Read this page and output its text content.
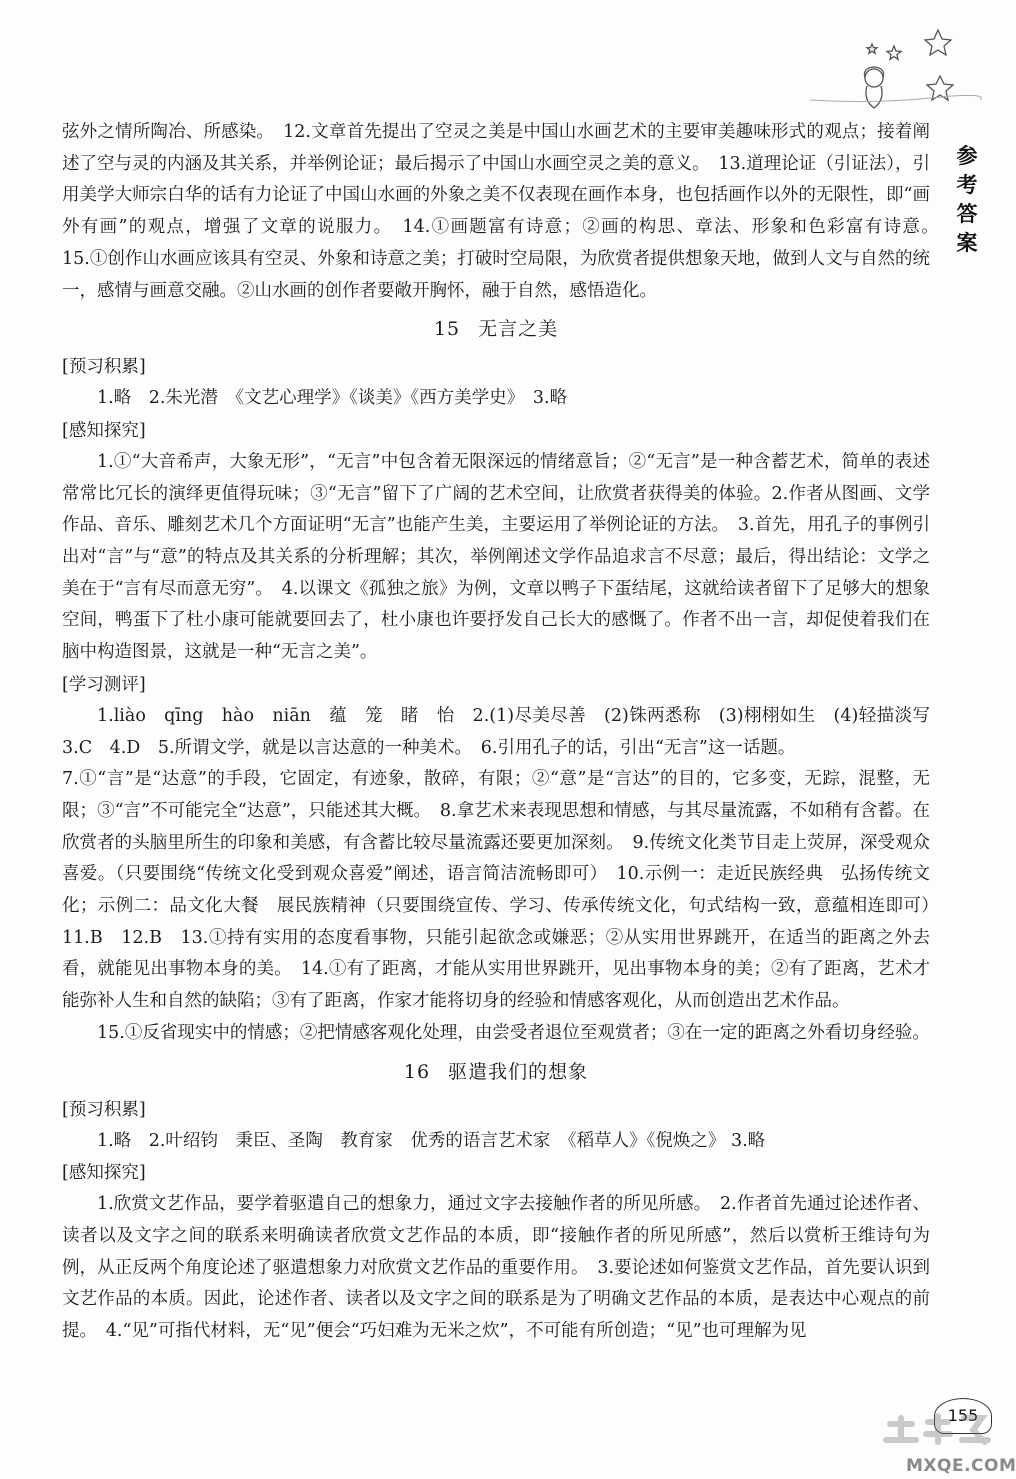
参
考
答
案

弦外之情所陶冶、所感染。　12.文章首先提出了空灵之美是中国山水画艺术的主要审美趣味形式的观点；接着阐述了空与灵的内涵及其关系，并举例论证；最后揭示了中国山水画空灵之美的意义。　13.道理论证（引证法），引用美学大师宗白华的话有力论证了中国山水画的外象之美不仅表现在画作本身，也包括画作以外的无限性，即“画外有画”的观点，增强了文章的说服力。　14.①画题富有诗意；②画的构思、章法、形象和色彩富有诗意。　15.①创作山水画应该具有空灵、外象和诗意之美；打破时空局限，为欣赏者提供想象天地，做到人文与自然的统一，感情与画意交融。②山水画的创作者要敞开胸怀，融于自然，感悟造化。

15 无言之美

[预习积累]

1.略　2.朱光潜　《文艺心理学》《谈美》《西方美学史》　3.略

[感知探究]

1.①“大音希声，大象无形”，“无言”中包含着无限深远的情绪意旨；②“无言”是一种含蓄艺术，简单的表述常常比冗长的演绎更值得玩味；③“无言”留下了广阔的艺术空间，让欣赏者获得美的体验。2.作者从图画、文学作品、音乐、雕刻艺术几个方面证明“无言”也能产生美，主要运用了举例论证的方法。　3.首先，用孔子的事例引出对“言”与“意”的特点及其关系的分析理解；其次，举例阐述文学作品追求言不尽意；最后，得出结论：文学之美在于“言有尽而意无穷”。　4.以课文《孤独之旅》为例，文章以鸭子下蛋结尾，这就给读者留下了足够大的想象空间，鸭蛋下了杜小康可能就要回去了，杜小康也许要抒发自己长大的感慨了。作者不出一言，却促使着我们在脑中构造图景，这就是一种“无言之美”。

[学习测评]

1.liào　qīng　hào　niān　蕴　笼　睹　怡　2.(1)尽美尽善　(2)铢两悉称　(3)栩栩如生　(4)轻描淡写　3.C　4.D　5.所谓文学，就是以言达意的一种美术。　6.引用孔子的话，引出“无言”这一话题。

7.①“言”是“达意”的手段，它固定，有迹象，散碎，有限；②“意”是“言达”的目的，它多变，无踪，混整，无限；③“言”不可能完全“达意”，只能述其大概。　8.拿艺术来表现思想和情感，与其尽量流露，不如稍有含蓄。在欣赏者的头脑里所生的印象和美感，有含蓄比较尽量流露还要更加深刻。　9.传统文化类节目走上荧屏，深受观众喜爱。（只要围绕“传统文化受到观众喜爱”阐述，语言简洁流畅即可）　10.示例一：走近民族经典　弘扬传统文化；示例二：品文化大餐　展民族精神（只要围绕宣传、学习、传承传统文化，句式结构一致，意蕴相连即可）　11.B　12.B　13.①持有实用的态度看事物，只能引起欲念或嫌恶；②从实用世界跳开，在适当的距离之外去看，就能见出事物本身的美。　14.①有了距离，才能从实用世界跳开，见出事物本身的美；②有了距离，艺术才能弥补人生和自然的缺陷；③有了距离，作家才能将切身的经验和情感客观化，从而创造出艺术作品。

15.①反省现实中的情感；②把情感客观化处理，由尝受者退位至观赏者；③在一定的距离之外看切身经验。

16 驱遣我们的想象

[预习积累]

1.略　2.叶绍钧　秉臣、圣陶　教育家　优秀的语言艺术家　《稻草人》《倪焕之》 3.略

[感知探究]

1.欣赏文艺作品，要学着驱遣自己的想象力，通过文字去接触作者的所见所感。　2.作者首先通过论述作者、读者以及文字之间的联系来明确读者欣赏文艺作品的本质，即“接触作者的所见所感”，然后以赏析王维诗句为例，从正反两个角度论述了驱遣想象力对欣赏文艺作品的重要作用。　3.要论述如何鉴赏文艺作品，首先要认识到文艺作品的本质。因此，论述作者、读者以及文字之间的联系是为了明确文艺作品的本质，是表达中心观点的前提。　4.“见”可指代材料，无“见”便会“巧妇难为无米之炊”，不可能有所创造；“见”也可理解为见

155
MXQE.COM
